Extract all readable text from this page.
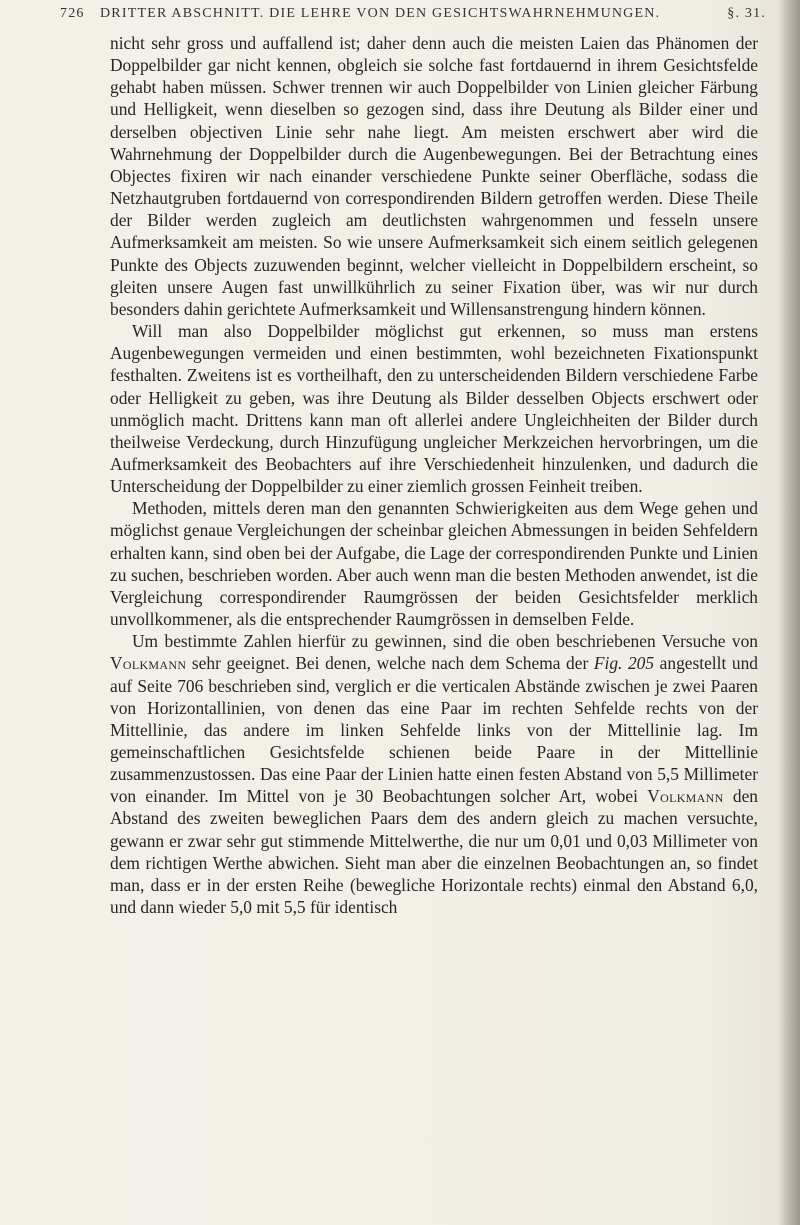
726 DRITTER ABSCHNITT. DIE LEHRE VON DEN GESICHTSWAHRNEHMUNGEN.	§. 31.

nicht sehr gross und auffallend ist; daher denn auch die meisten Laien das Phänomen der Doppelbilder gar nicht kennen, obgleich sie solche fast fortdauernd in ihrem Gesichtsfelde gehabt haben müssen. Schwer trennen wir auch Doppelbilder von Linien gleicher Färbung und Helligkeit, wenn dieselben so gezogen sind, dass ihre Deutung als Bilder einer und derselben objectiven Linie sehr nahe liegt. Am meisten erschwert aber wird die Wahrnehmung der Doppelbilder durch die Augenbewegungen. Bei der Betrachtung eines Objectes fixiren wir nach einander verschiedene Punkte seiner Oberfläche, sodass die Netzhautgruben fortdauernd von correspondirenden Bildern getroffen werden. Diese Theile der Bilder werden zugleich am deutlichsten wahrgenommen und fesseln unsere Aufmerksamkeit am meisten. So wie unsere Aufmerksamkeit sich einem seitlich gelegenen Punkte des Objects zuzuwenden beginnt, welcher vielleicht in Doppelbildern erscheint, so gleiten unsere Augen fast unwillkührlich zu seiner Fixation über, was wir nur durch besonders dahin gerichtete Aufmerksamkeit und Willensanstrengung hindern können.

Will man also Doppelbilder möglichst gut erkennen, so muss man erstens Augenbewegungen vermeiden und einen bestimmten, wohl bezeichneten Fixationspunkt festhalten. Zweitens ist es vortheilhaft, den zu unterscheidenden Bildern verschiedene Farbe oder Helligkeit zu geben, was ihre Deutung als Bilder desselben Objects erschwert oder unmöglich macht. Drittens kann man oft allerlei andere Ungleichheiten der Bilder durch theilweise Verdeckung, durch Hinzufügung ungleicher Merkzeichen hervorbringen, um die Aufmerksamkeit des Beobachters auf ihre Verschiedenheit hinzulenken, und dadurch die Unterscheidung der Doppelbilder zu einer ziemlich grossen Feinheit treiben.

Methoden, mittels deren man den genannten Schwierigkeiten aus dem Wege gehen und möglichst genaue Vergleichungen der scheinbar gleichen Abmessungen in beiden Sehfeldern erhalten kann, sind oben bei der Aufgabe, die Lage der correspondirenden Punkte und Linien zu suchen, beschrieben worden. Aber auch wenn man die besten Methoden anwendet, ist die Vergleichung correspondirender Raumgrössen der beiden Gesichtsfelder merklich unvollkommener, als die entsprechender Raumgrössen in demselben Felde.

Um bestimmte Zahlen hierfür zu gewinnen, sind die oben beschriebenen Versuche von Volkmann sehr geeignet. Bei denen, welche nach dem Schema der Fig. 205 angestellt und auf Seite 706 beschrieben sind, verglich er die verticalen Abstände zwischen je zwei Paaren von Horizontallinien, von denen das eine Paar im rechten Sehfelde rechts von der Mittellinie, das andere im linken Sehfelde links von der Mittellinie lag. Im gemeinschaftlichen Gesichtsfelde schienen beide Paare in der Mittellinie zusammenzustossen. Das eine Paar der Linien hatte einen festen Abstand von 5,5 Millimeter von einander. Im Mittel von je 30 Beobachtungen solcher Art, wobei Volkmann den Abstand des zweiten beweglichen Paars dem des andern gleich zu machen versuchte, gewann er zwar sehr gut stimmende Mittelwerthe, die nur um 0,01 und 0,03 Millimeter von dem richtigen Werthe abwichen. Sieht man aber die einzelnen Beobachtungen an, so findet man, dass er in der ersten Reihe (bewegliche Horizontale rechts) einmal den Abstand 6,0, und dann wieder 5,0 mit 5,5 für identisch
